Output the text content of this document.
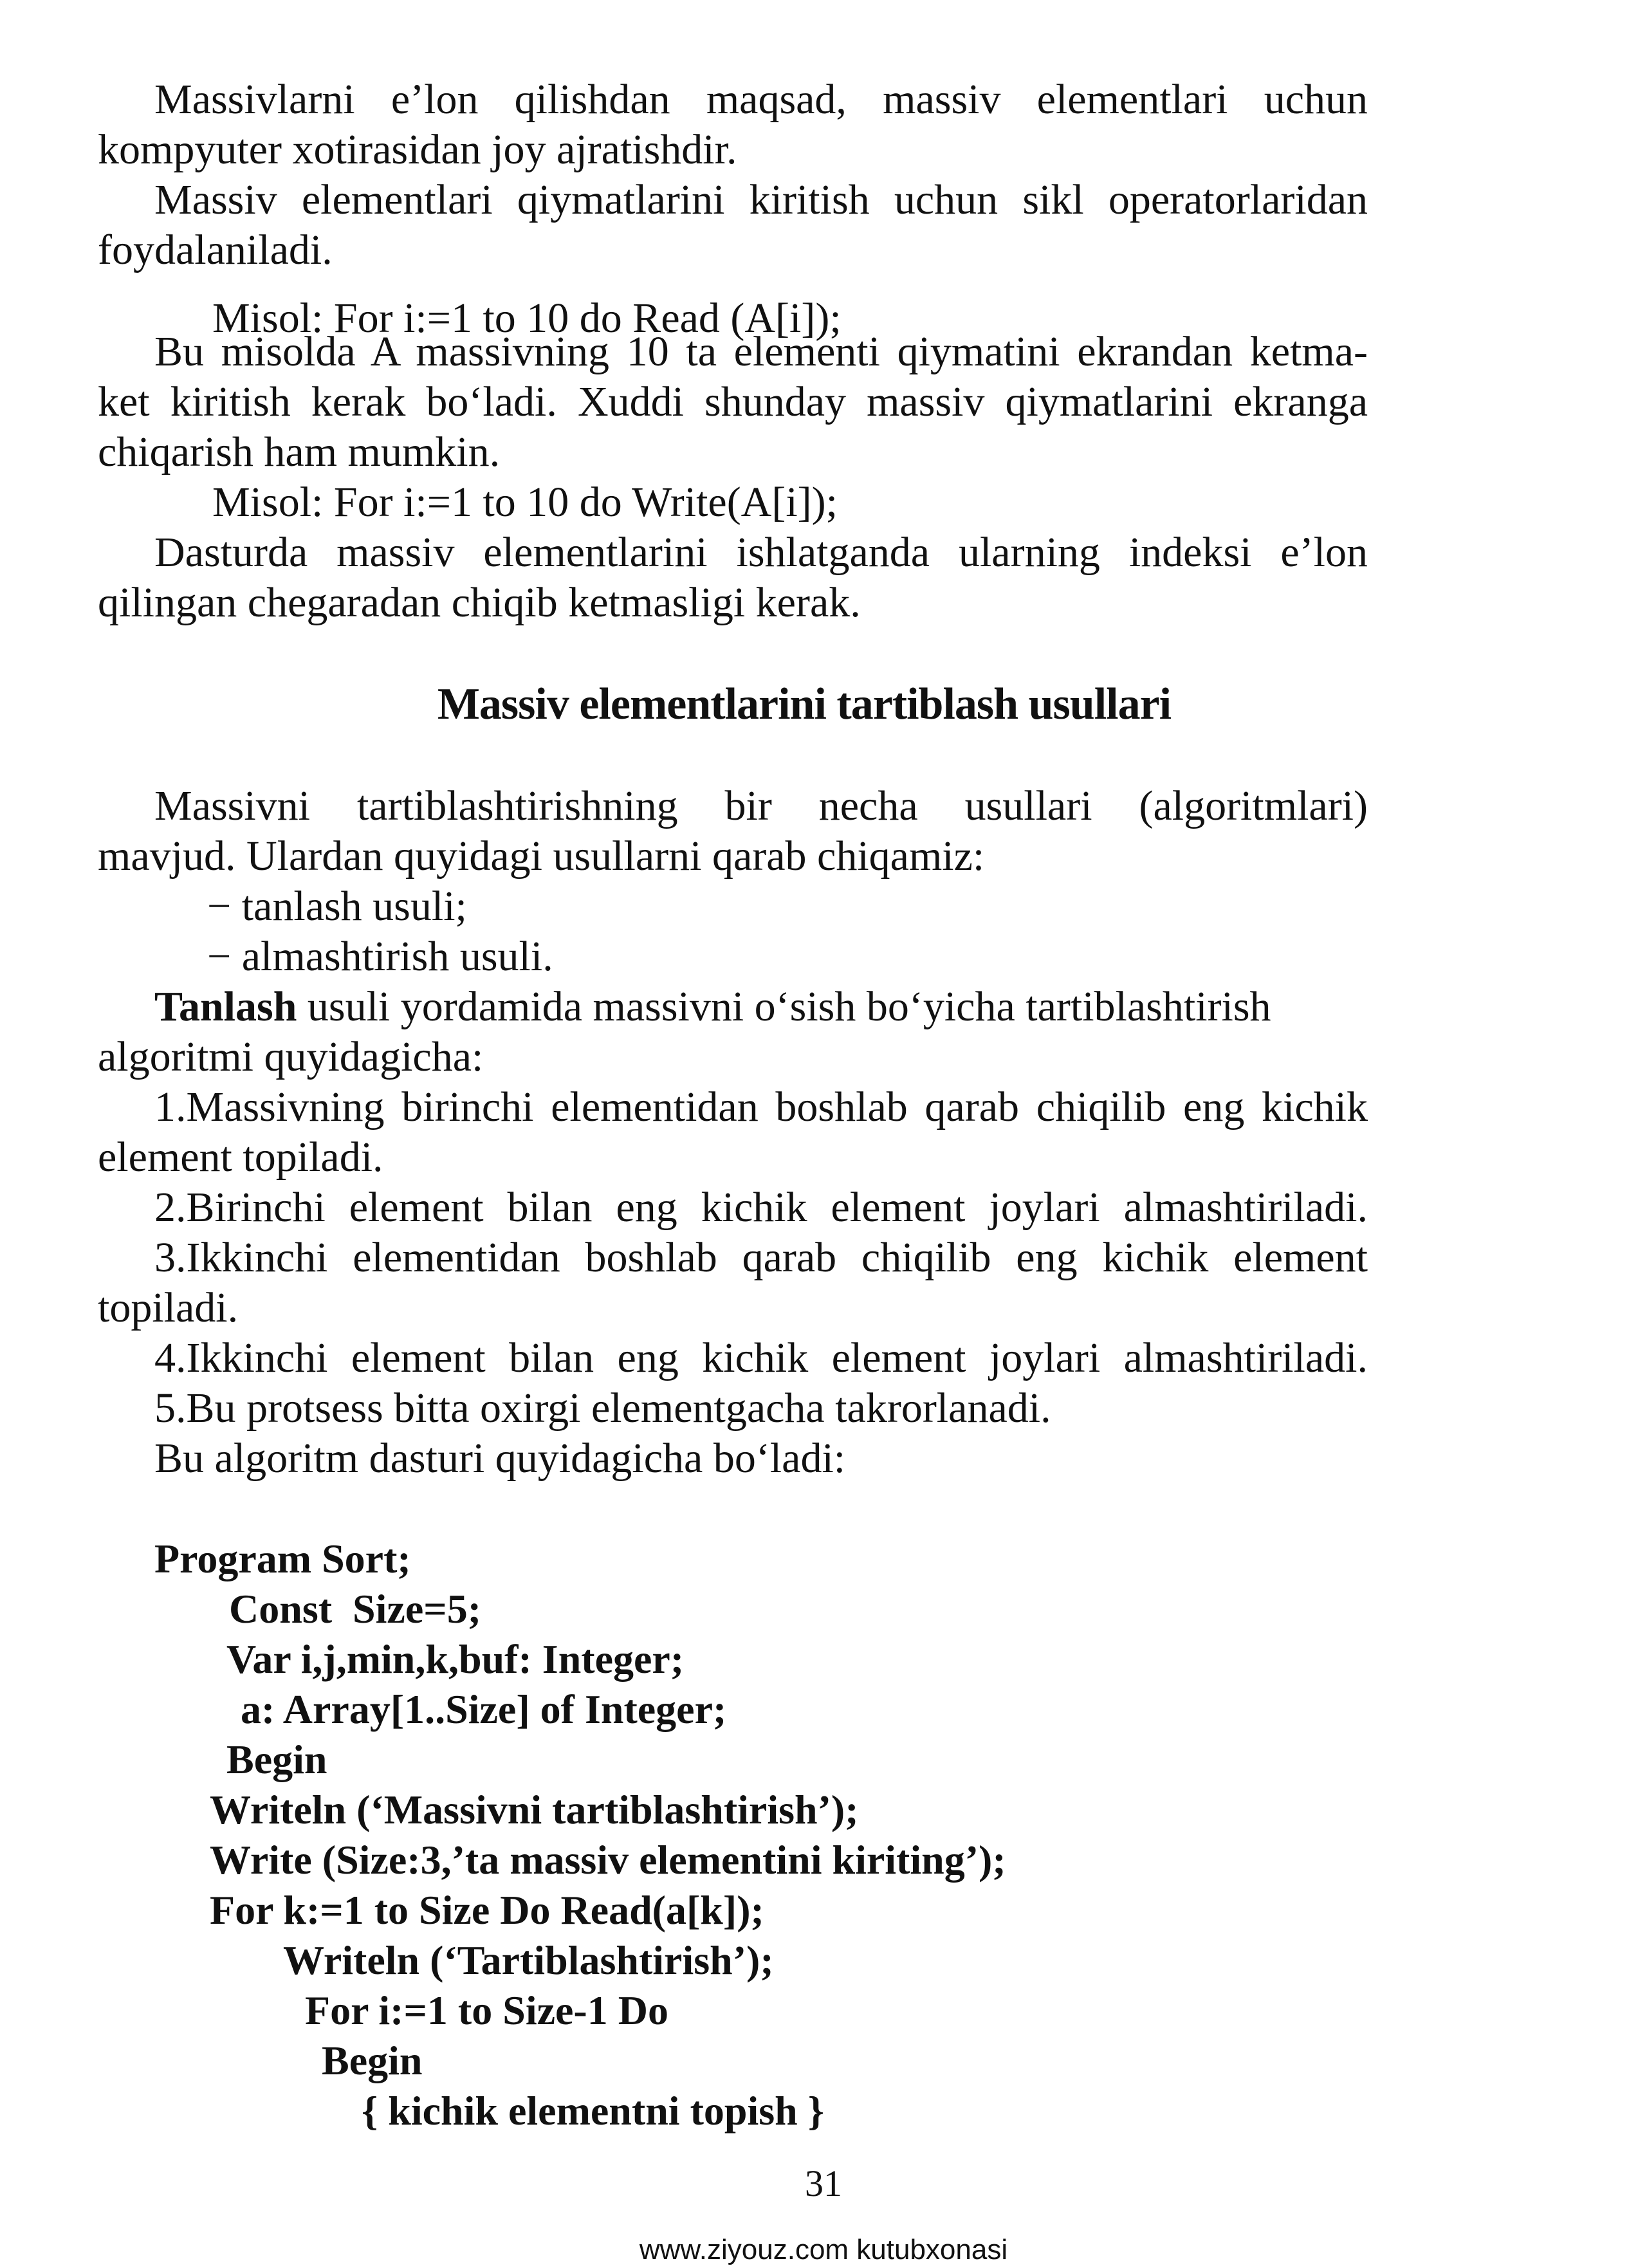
Massivlarni e’lon qilishdan maqsad, massiv elementlari uchun
kompyuter xotirasidan joy ajratishdir.
Massiv elementlari qiymatlarini kiritish uchun sikl operatorlaridan
foydalaniladi.
Misol: For i:=1 to 10 do Read (A[i]);
Bu misolda A massivning 10 ta elementi qiymatini ekrandan ketma-
ket kiritish kerak bo‘ladi. Xuddi shunday massiv qiymatlarini ekranga
chiqarish ham mumkin.
Misol: For i:=1 to 10 do Write(A[i]);
Dasturda massiv elementlarini ishlatganda ularning indeksi e’lon
qilingan chegaradan chiqib ketmasligi kerak.
Massiv elementlarini tartiblash usullari
Massivni tartiblashtirishning bir necha usullari (algoritmlari)
mavjud. Ulardan quyidagi usullarni qarab chiqamiz:
− tanlash usuli;
− almashtirish usuli.
Tanlash usuli yordamida massivni o‘sish bo‘yicha tartiblashtirish
algoritmi quyidagicha:
1.Massivning birinchi elementidan boshlab qarab chiqilib eng kichik
element topiladi.
2.Birinchi element bilan eng kichik element joylari almashtiriladi.
3.Ikkinchi elementidan boshlab qarab chiqilib eng kichik element
topiladi.
4.Ikkinchi element bilan eng kichik element joylari almashtiriladi.
5.Bu protsess bitta oxirgi elementgacha takrorlanadi.
Bu algoritm dasturi quyidagicha bo‘ladi:
Program Sort;
Const  Size=5;
Var i,j,min,k,buf: Integer;
a: Array[1..Size] of Integer;
Begin
Writeln (‘Massivni tartiblashtirish’);
Write (Size:3,’ta massiv elementini kiriting’);
For k:=1 to Size Do Read(a[k]);
Writeln (‘Tartiblashtirish’);
For i:=1 to Size-1 Do
Begin
{ kichik elementni topish }
31
www.ziyouz.com kutubxonasi
